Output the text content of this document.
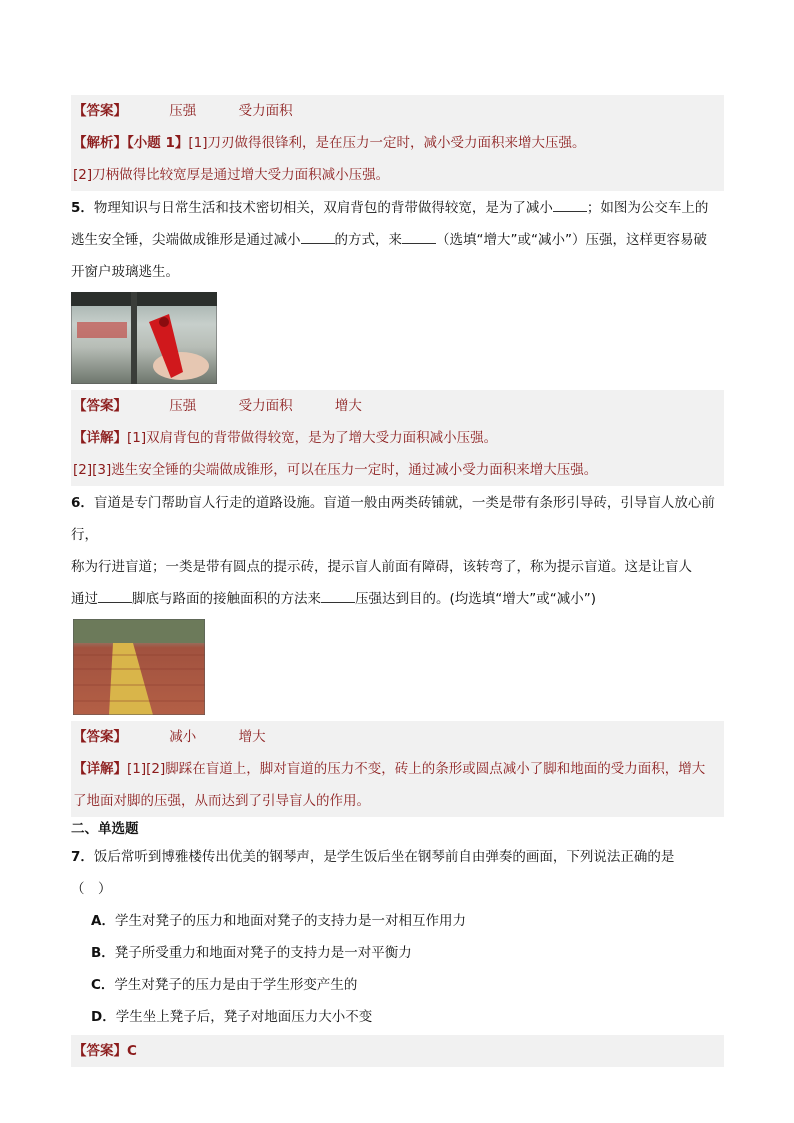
【答案】	压强	受力面积
【解析】【小题 1】[1]刀刃做得很锋利，是在压力一定时，减小受力面积来增大压强。
[2]刀柄做得比较宽厚是通过增大受力面积减小压强。
5．物理知识与日常生活和技术密切相关，双肩背包的背带做得较宽，是为了减小	；如图为公交车上的
逃生安全锤，尖端做成锥形是通过减小	的方式，来	（选填“增大”或“减小”）压强，这样更容易破
开窗户玻璃逃生。
【答案】	压强	受力面积	增大
【详解】[1]双肩背包的背带做得较宽，是为了增大受力面积减小压强。
[2][3]逃生安全锤的尖端做成锥形，可以在压力一定时，通过减小受力面积来增大压强。
6．盲道是专门帮助盲人行走的道路设施。盲道一般由两类砖铺就，一类是带有条形引导砖，引导盲人放心前行，
称为行进盲道；一类是带有圆点的提示砖，提示盲人前面有障碍，该转弯了，称为提示盲道。这是让盲人
通过	脚底与路面的接触面积的方法来	压强达到目的。(均选填“增大”或“减小”)
【答案】	减小	增大
【详解】[1][2]脚踩在盲道上，脚对盲道的压力不变，砖上的条形或圆点减小了脚和地面的受力面积，增大
了地面对脚的压强，从而达到了引导盲人的作用。
二、单选题
7．饭后常听到博雅楼传出优美的钢琴声，是学生饭后坐在钢琴前自由弹奏的画面，下列说法正确的是
（　）
A．学生对凳子的压力和地面对凳子的支持力是一对相互作用力
B．凳子所受重力和地面对凳子的支持力是一对平衡力
C．学生对凳子的压力是由于学生形变产生的
D．学生坐上凳子后，凳子对地面压力大小不变
【答案】C
